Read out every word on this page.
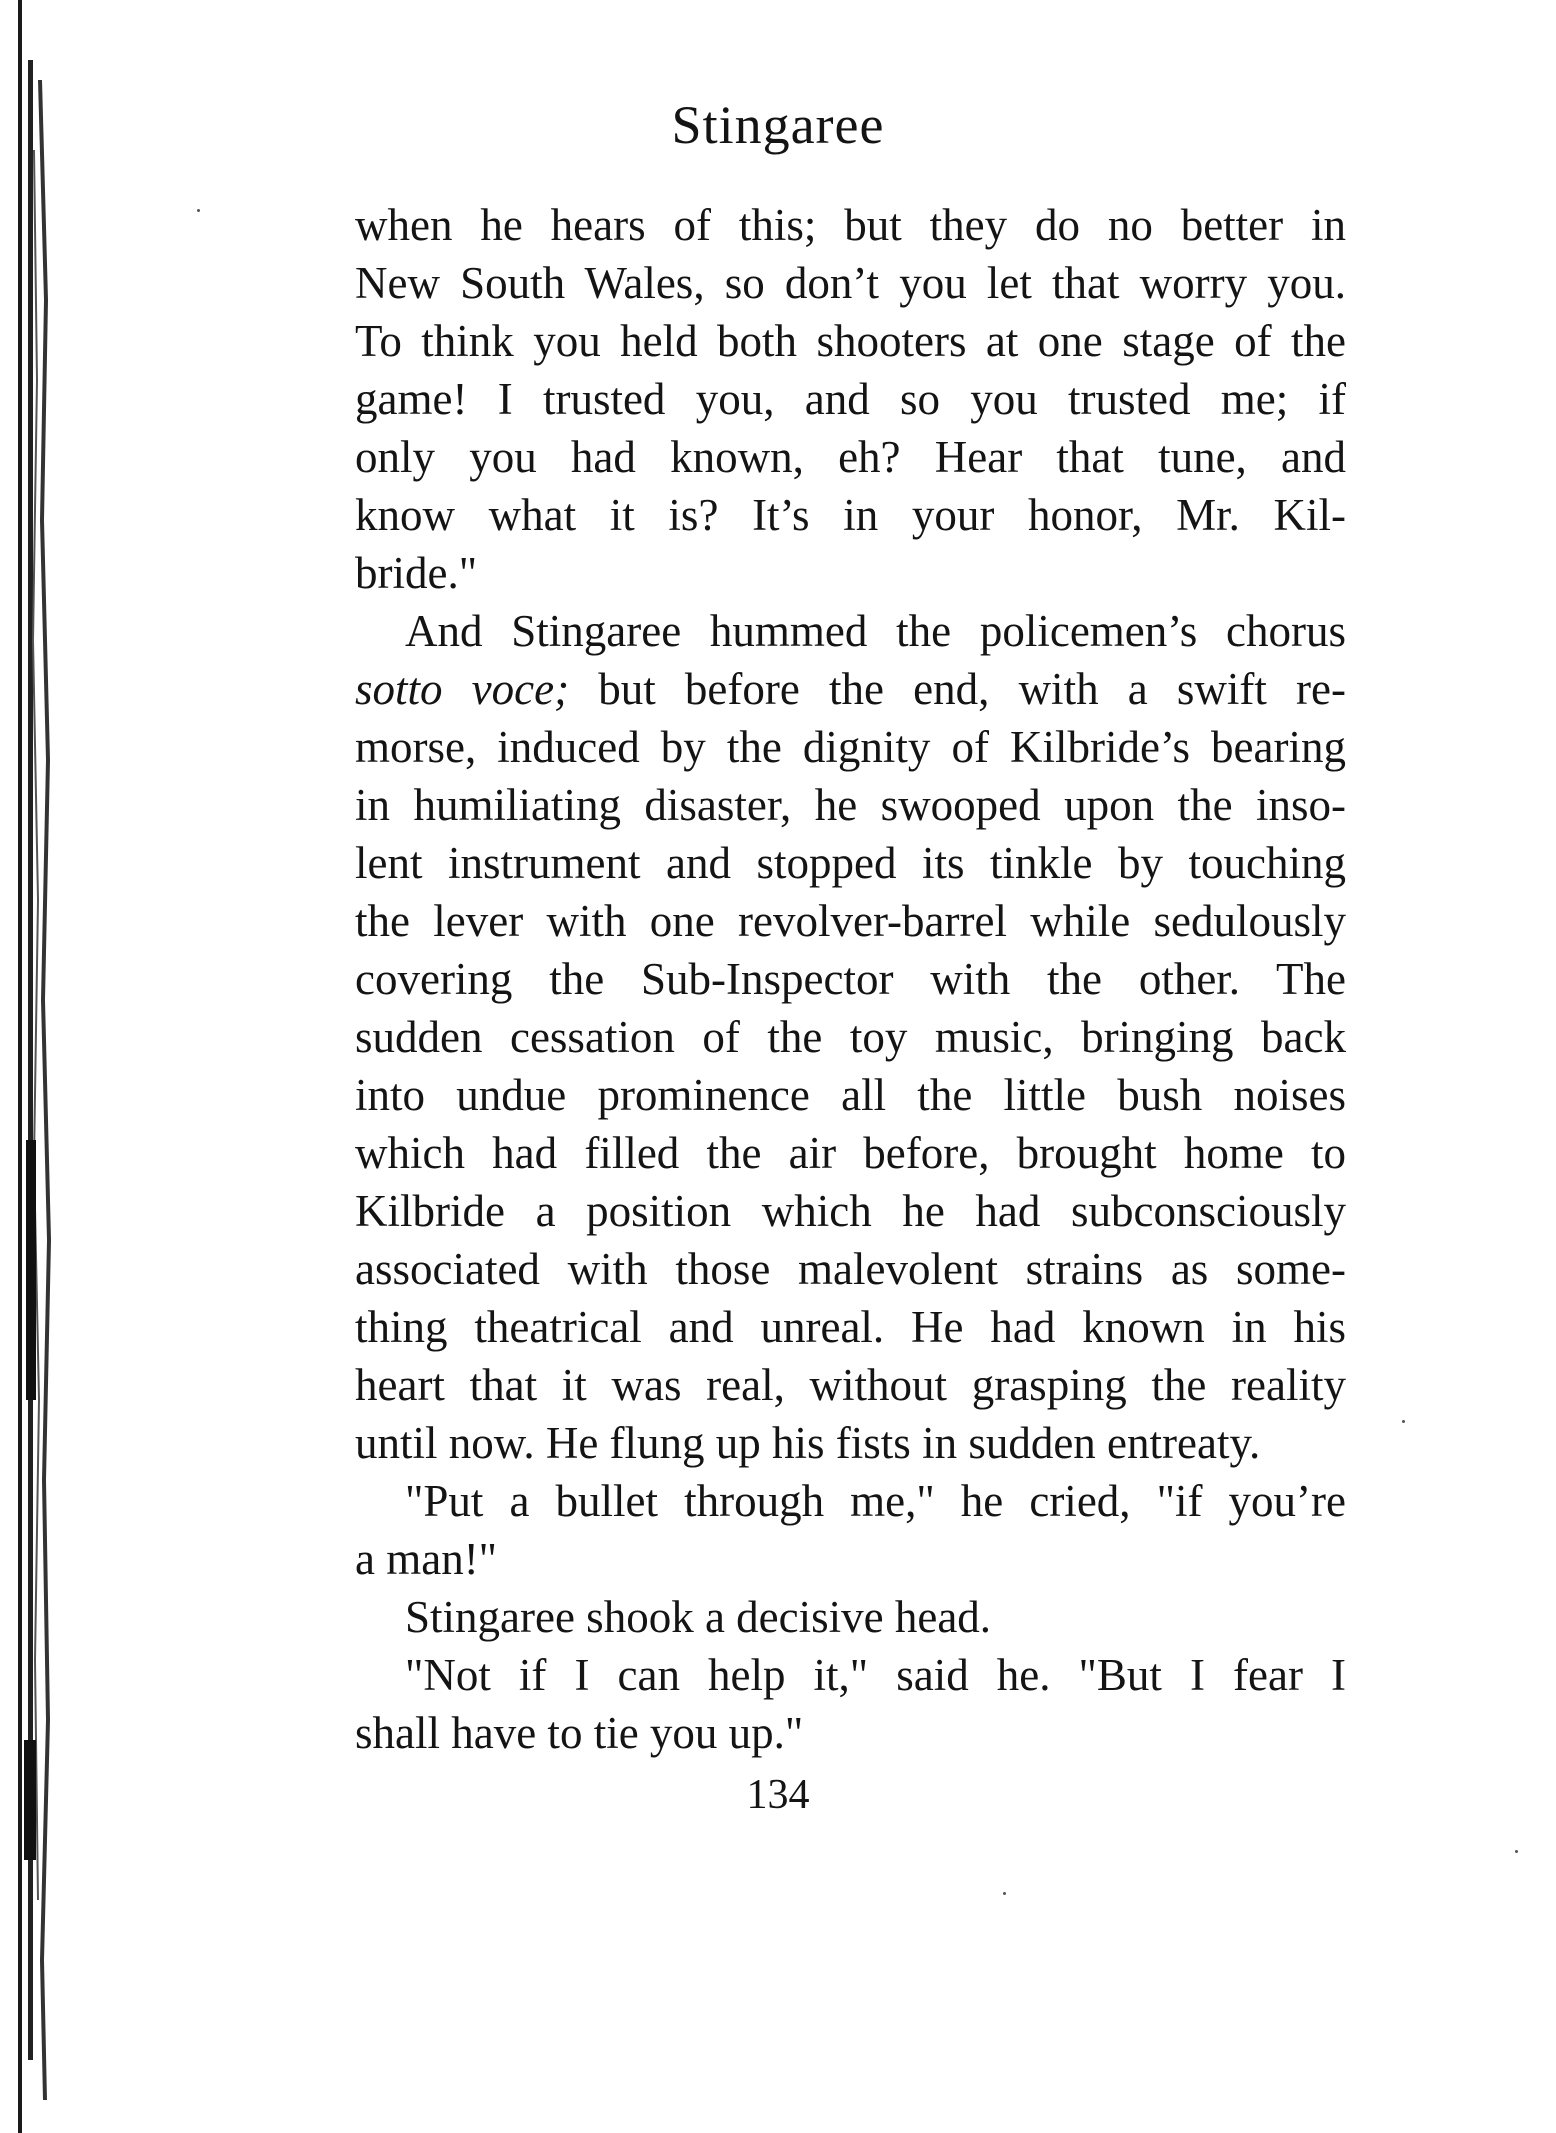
Stingaree
when he hears of this; but they do no better in
New South Wales, so don’t you let that worry you.
To think you held both shooters at one stage of the
game! I trusted you, and so you trusted me; if
only you had known, eh? Hear that tune, and
know what it is? It’s in your honor, Mr. Kil-
bride."
And Stingaree hummed the policemen’s chorus
sotto voce; but before the end, with a swift re-
morse, induced by the dignity of Kilbride’s bearing
in humiliating disaster, he swooped upon the inso-
lent instrument and stopped its tinkle by touching
the lever with one revolver-barrel while sedulously
covering the Sub-Inspector with the other. The
sudden cessation of the toy music, bringing back
into undue prominence all the little bush noises
which had filled the air before, brought home to
Kilbride a position which he had subconsciously
associated with those malevolent strains as some-
thing theatrical and unreal. He had known in his
heart that it was real, without grasping the reality
until now. He flung up his fists in sudden entreaty.
"Put a bullet through me," he cried, "if you’re
a man!"
Stingaree shook a decisive head.
"Not if I can help it," said he. "But I fear I
shall have to tie you up."
134
